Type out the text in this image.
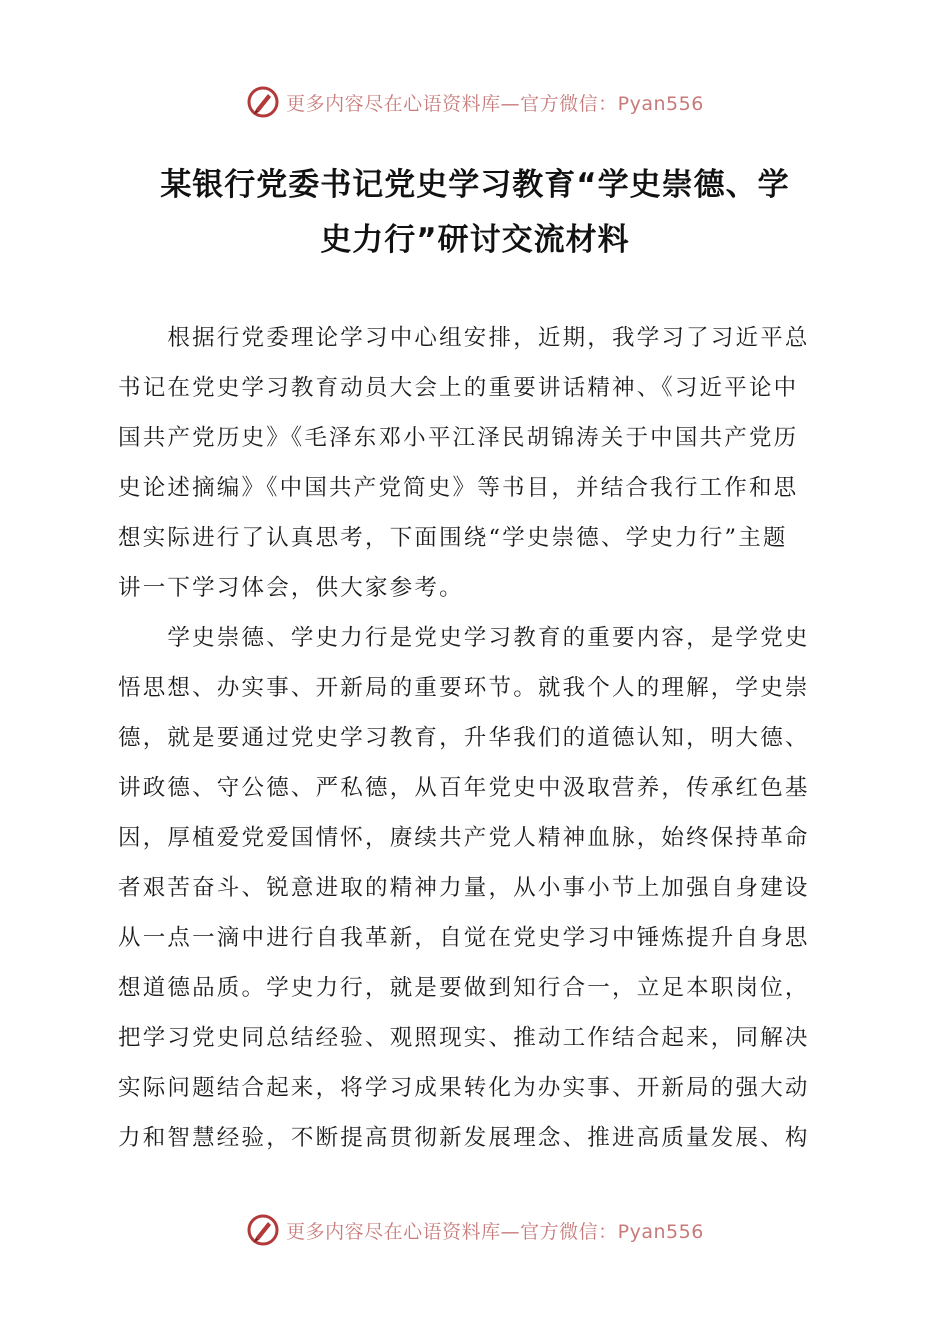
更多内容尽在心语资料库—官方微信：Pyan556
某银行党委书记党史学习教育“学史崇德、学
史力行”研讨交流材料
　　根据行党委理论学习中心组安排，近期，我学习了习近平总
书记在党史学习教育动员大会上的重要讲话精神、《习近平论中
国共产党历史》《毛泽东邓小平江泽民胡锦涛关于中国共产党历
史论述摘编》《中国共产党简史》等书目，并结合我行工作和思
想实际进行了认真思考，下面围绕“学史崇德、学史力行”主题
讲一下学习体会，供大家参考。
　　学史崇德、学史力行是党史学习教育的重要内容，是学党史
悟思想、办实事、开新局的重要环节。就我个人的理解，学史崇
德，就是要通过党史学习教育，升华我们的道德认知，明大德、
讲政德、守公德、严私德，从百年党史中汲取营养，传承红色基
因，厚植爱党爱国情怀，赓续共产党人精神血脉，始终保持革命
者艰苦奋斗、锐意进取的精神力量，从小事小节上加强自身建设
从一点一滴中进行自我革新，自觉在党史学习中锤炼提升自身思
想道德品质。学史力行，就是要做到知行合一，立足本职岗位，
把学习党史同总结经验、观照现实、推动工作结合起来，同解决
实际问题结合起来，将学习成果转化为办实事、开新局的强大动
力和智慧经验，不断提高贯彻新发展理念、推进高质量发展、构
更多内容尽在心语资料库—官方微信：Pyan556
